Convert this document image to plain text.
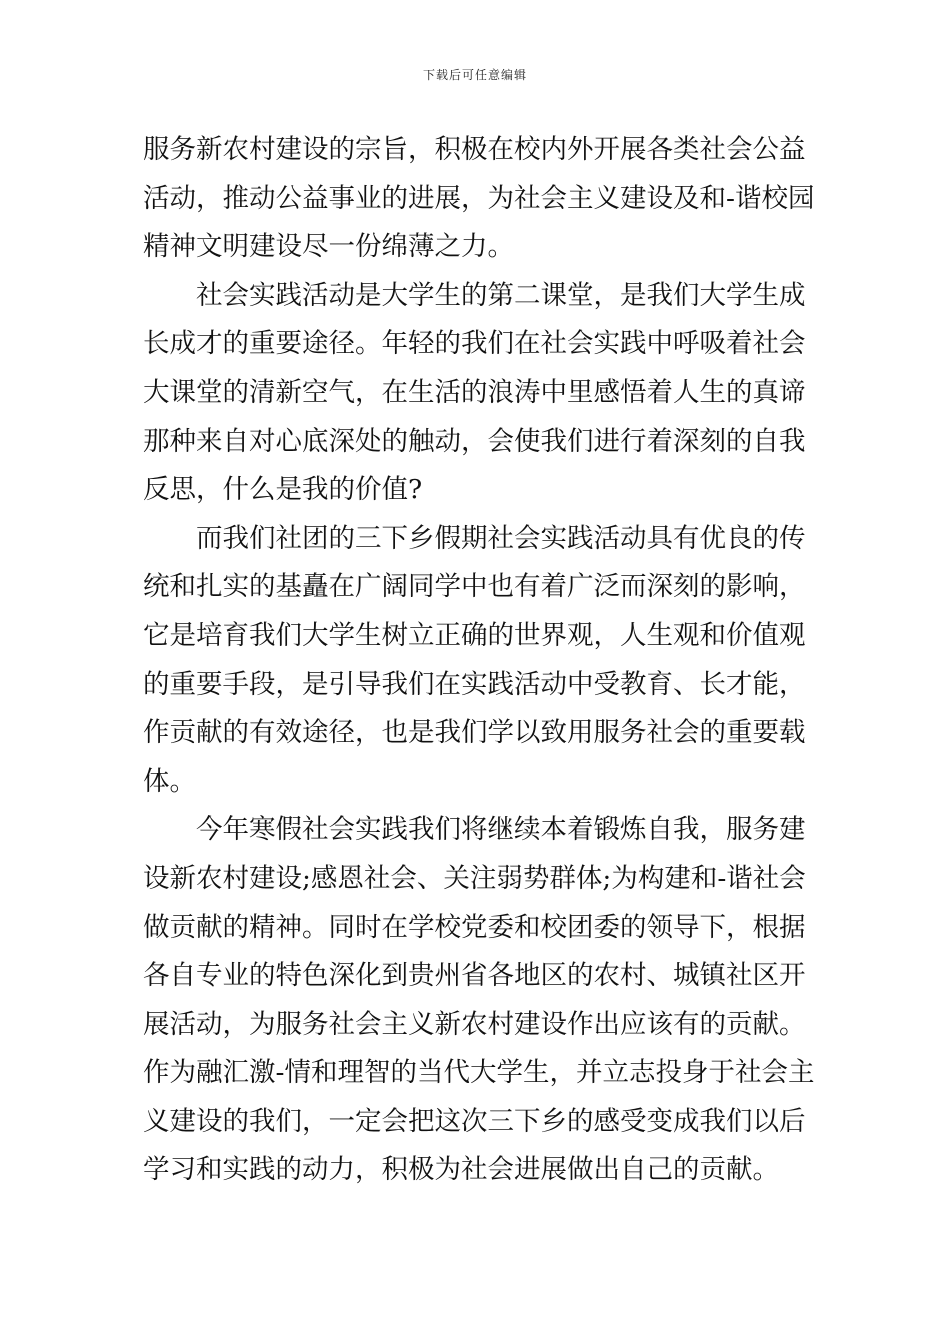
下载后可任意编辑
服务新农村建设的宗旨，积极在校内外开展各类社会公益
活动，推动公益事业的进展，为社会主义建设及和-谐校园
精神文明建设尽一份绵薄之力。
社会实践活动是大学生的第二课堂，是我们大学生成
长成才的重要途径。年轻的我们在社会实践中呼吸着社会
大课堂的清新空气，在生活的浪涛中里感悟着人生的真谛
那种来自对心底深处的触动，会使我们进行着深刻的自我
反思，什么是我的价值?
而我们社团的三下乡假期社会实践活动具有优良的传
统和扎实的基矗在广阔同学中也有着广泛而深刻的影响，
它是培育我们大学生树立正确的世界观，人生观和价值观
的重要手段，是引导我们在实践活动中受教育、长才能，
作贡献的有效途径，也是我们学以致用服务社会的重要载
体。
今年寒假社会实践我们将继续本着锻炼自我，服务建
设新农村建设;感恩社会、关注弱势群体;为构建和-谐社会
做贡献的精神。同时在学校党委和校团委的领导下，根据
各自专业的特色深化到贵州省各地区的农村、城镇社区开
展活动，为服务社会主义新农村建设作出应该有的贡献。
作为融汇激-情和理智的当代大学生，并立志投身于社会主
义建设的我们，一定会把这次三下乡的感受变成我们以后
学习和实践的动力，积极为社会进展做出自己的贡献。
